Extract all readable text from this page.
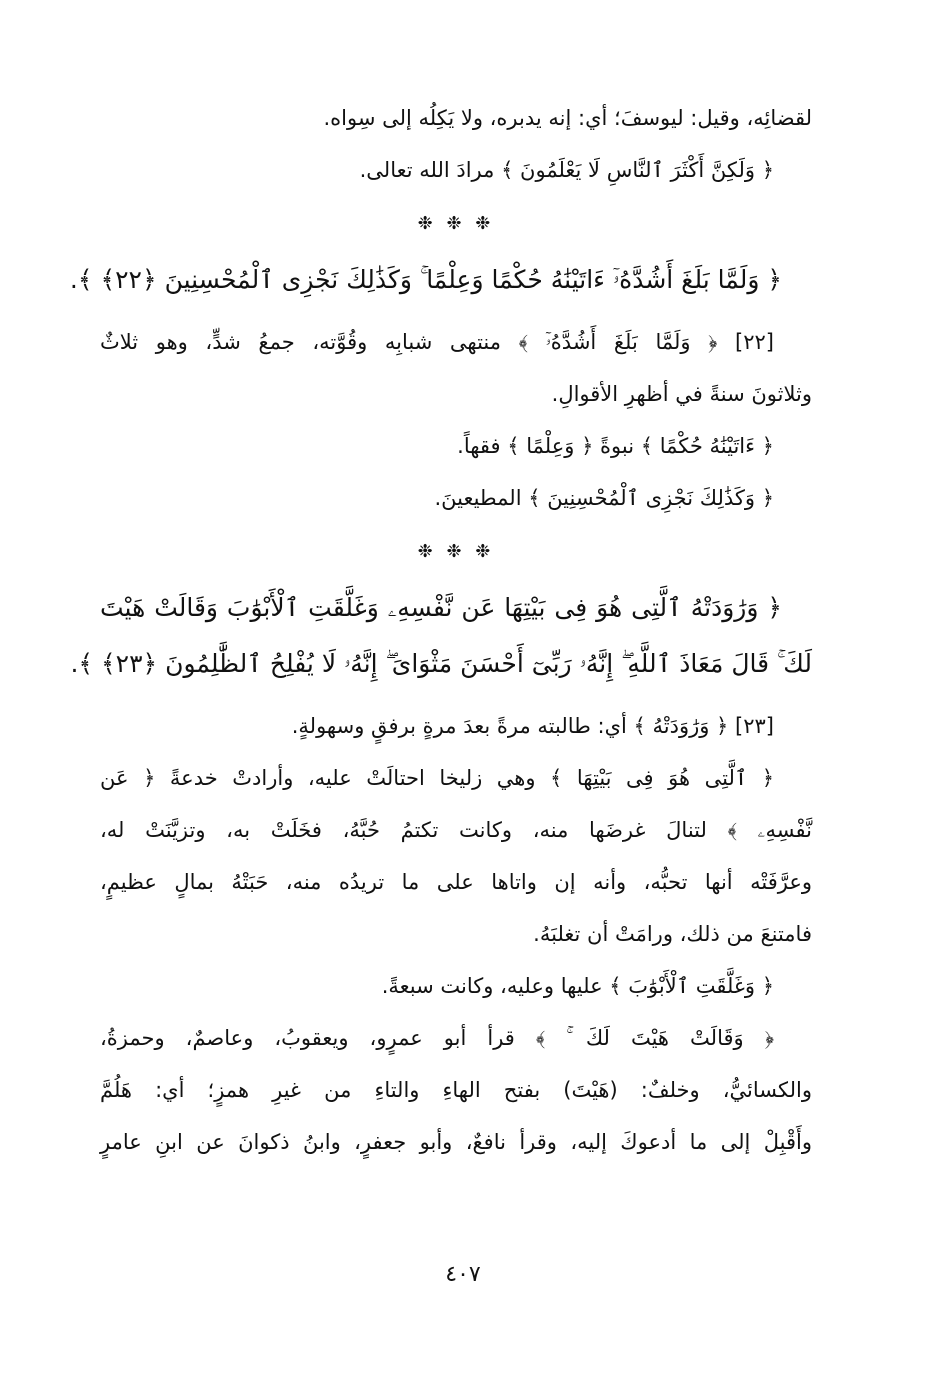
لقضائِه، وقيل: ليوسفَ؛ أي: إنه يدبره، ولا يَكِلُه إلى سِواه.
﴿ وَلَكِنَّ أَكْثَرَ ٱلنَّاسِ لَا يَعْلَمُونَ ﴾ مرادَ الله تعالى.
❉ ❉ ❉
﴿ وَلَمَّا بَلَغَ أَشُدَّهُۥٓ ءَاتَيْنَٰهُ حُكْمًا وَعِلْمًا ۚ وَكَذَٰلِكَ نَجْزِى ٱلْمُحْسِنِينَ ﴿٢٢﴾ ﴾.
[٢٢] ﴿ وَلَمَّا بَلَغَ أَشُدَّهُۥٓ ﴾ منتهى شبابِه وقُوَّته، جمعُ شدٍّ، وهو ثلاثٌ
وثلاثونَ سنةً في أظهرِ الأقوالِ.
﴿ ءَاتَيْنَٰهُ حُكْمًا ﴾ نبوةً ﴿ وَعِلْمًا ﴾ فقهاً.
﴿ وَكَذَٰلِكَ نَجْزِى ٱلْمُحْسِنِينَ ﴾ المطيعينَ.
❉ ❉ ❉
﴿ وَرَٰوَدَتْهُ ٱلَّتِى هُوَ فِى بَيْتِهَا عَن نَّفْسِهِۦ وَغَلَّقَتِ ٱلْأَبْوَٰبَ وَقَالَتْ هَيْتَ
لَكَ ۚ قَالَ مَعَاذَ ٱللَّهِ ۖ إِنَّهُۥ رَبِّىٓ أَحْسَنَ مَثْوَاىَ ۖ إِنَّهُۥ لَا يُفْلِحُ ٱلظَّٰلِمُونَ ﴿٢٣﴾ ﴾.
[٢٣] ﴿ وَرَٰوَدَتْهُ ﴾ أي: طالبته مرةً بعدَ مرةٍ برفقٍ وسهولةٍ.
﴿ ٱلَّتِى هُوَ فِى بَيْتِهَا ﴾ وهي زليخا احتالَتْ عليه، وأرادتْ خدعةً ﴿ عَن
نَّفْسِهِۦ ﴾ لتنالَ غرضَها منه، وكانت تكتمُ حُبَّهُ، فخَلَتْ به، وتزيَّنَتْ له،
وعرَّفَتْه أنها تحبُّه، وأنه إن واتاها على ما تريدُه منه، حَبَتْهُ بمالٍ عظيمٍ،
فامتنعَ من ذلك، ورامَتْ أن تغلبَهُ.
﴿ وَغَلَّقَتِ ٱلْأَبْوَٰبَ ﴾ عليها وعليه، وكانت سبعةً.
﴿ وَقَالَتْ هَيْتَ لَكَ ۚ ﴾ قرأ أبو عمرٍو، ويعقوبُ، وعاصمٌ، وحمزةُ،
والكسائيُّ، وخلفٌ: (هَيْتَ) بفتح الهاءِ والتاءِ من غيرِ همزٍ؛ أي: هَلُمَّ
وأَقْبِلْ إلى ما أدعوكَ إليه، وقرأ نافعٌ، وأبو جعفرٍ، وابنُ ذكوانَ عن ابنِ عامرٍ
٤٠٧
